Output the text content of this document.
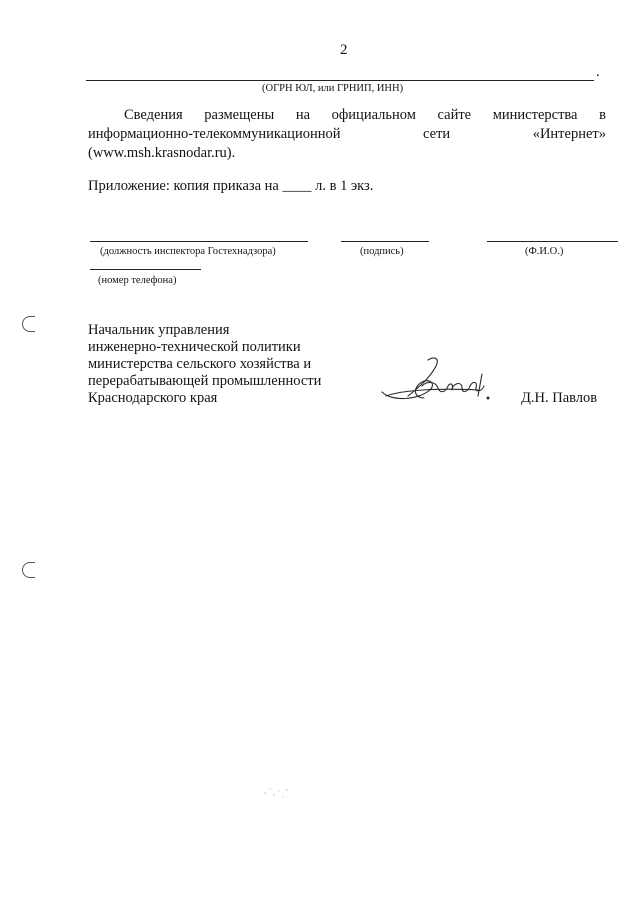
2
.
(ОГРН ЮЛ, или ГРНИП, ИНН)
Сведения размещены на официальном сайте министерства в
информационно-телекоммуникационной	сети	«Интернет»
(www.msh.krasnodar.ru).
Приложение: копия приказа на ____ л. в 1 экз.
(должность инспектора Гостехнадзора)	(подпись)	(Ф.И.О.)
(номер телефона)
Начальник управления
инженерно-технической политики
министерства сельского хозяйства и
перерабатывающей промышленности
Краснодарского края	Д.Н. Павлов
